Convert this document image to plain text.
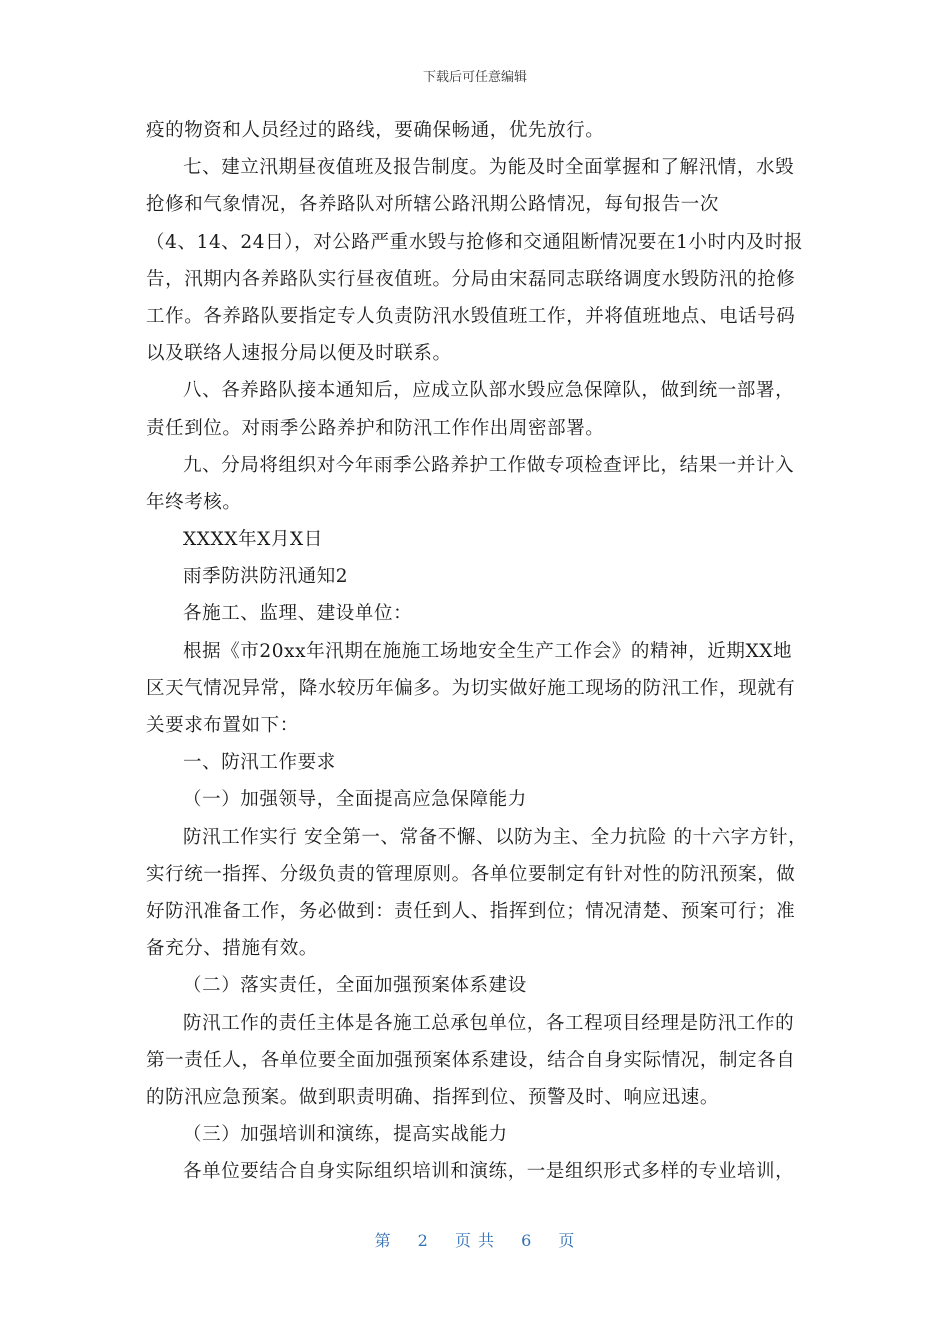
下载后可任意编辑
疫的物资和人员经过的路线，要确保畅通，优先放行。
七、建立汛期昼夜值班及报告制度。为能及时全面掌握和了解汛情，水毁
抢修和气象情况，各养路队对所辖公路汛期公路情况，每旬报告一次
（4、14、24日），对公路严重水毁与抢修和交通阻断情况要在1小时内及时报
告，汛期内各养路队实行昼夜值班。分局由宋磊同志联络调度水毁防汛的抢修
工作。各养路队要指定专人负责防汛水毁值班工作，并将值班地点、电话号码
以及联络人速报分局以便及时联系。
八、各养路队接本通知后，应成立队部水毁应急保障队，做到统一部署，
责任到位。对雨季公路养护和防汛工作作出周密部署。
九、分局将组织对今年雨季公路养护工作做专项检查评比，结果一并计入
年终考核。
XXXX年X月X日
雨季防洪防汛通知2
各施工、监理、建设单位：
根据《市20xx年汛期在施施工场地安全生产工作会》的精神，近期XX地
区天气情况异常，降水较历年偏多。为切实做好施工现场的防汛工作，现就有
关要求布置如下：
一、防汛工作要求
（一）加强领导，全面提高应急保障能力
防汛工作实行 安全第一、常备不懈、以防为主、全力抗险 的十六字方针，
实行统一指挥、分级负责的管理原则。各单位要制定有针对性的防汛预案，做
好防汛准备工作，务必做到：责任到人、指挥到位；情况清楚、预案可行；准
备充分、措施有效。
（二）落实责任，全面加强预案体系建设
防汛工作的责任主体是各施工总承包单位，各工程项目经理是防汛工作的
第一责任人，各单位要全面加强预案体系建设，结合自身实际情况，制定各自
的防汛应急预案。做到职责明确、指挥到位、预警及时、响应迅速。
（三）加强培训和演练，提高实战能力
各单位要结合自身实际组织培训和演练，一是组织形式多样的专业培训，
第 2 页 共 6 页
